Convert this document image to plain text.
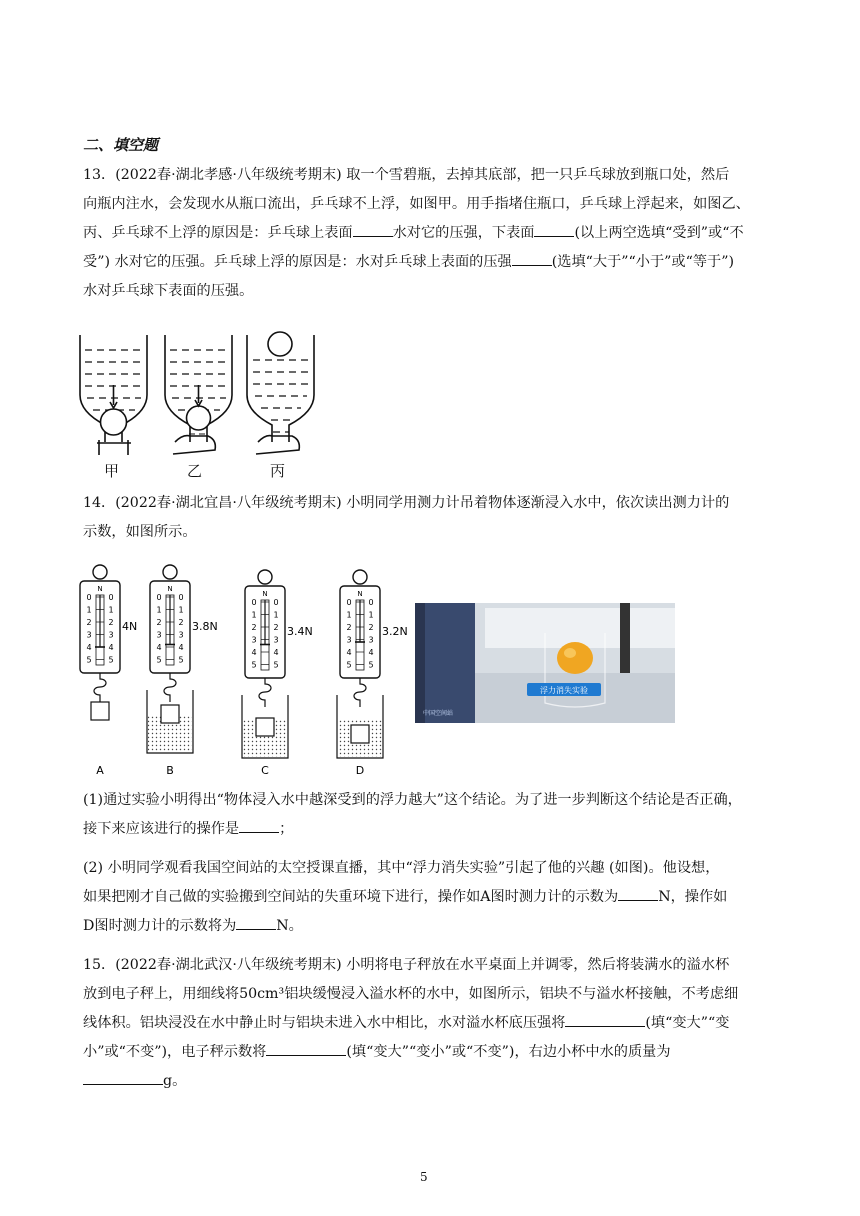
二、填空题

13．(2022春·湖北孝感·八年级统考期末) 取一个雪碧瓶，去掉其底部，把一只乒乓球放到瓶口处，然后
向瓶内注水，会发现水从瓶口流出，乒乓球不上浮，如图甲。用手指堵住瓶口，乒乓球上浮起来，如图乙、
丙、乒乓球不上浮的原因是：乒乓球上表面	水对它的压强，下表面	(以上两空选填“受到”或“不
受”) 水对它的压强。乒乓球上浮的原因是：水对乒乓球上表面的压强	(选填“大于”“小于”或“等于”)
水对乒乓球下表面的压强。

甲	乙	丙

14．(2022春·湖北宜昌·八年级统考期末) 小明同学用测力计吊着物体逐渐浸入水中，依次读出测力计的
示数，如图所示。

N
0 0
1 1
2 2
3 3
4 4
5 5
4N
A
N
0 0
1 1
2 2
3 3
4 4
5 5
3.8N
B
N
0 0
1 1
2 2
3 3
4 4
5 5
3.4N
C
N
0 0
1 1
2 2
3 3
4 4
5 5
3.2N
D
浮力消失实验
中国空间站

(1)通过实验小明得出“物体浸入水中越深受到的浮力越大”这个结论。为了进一步判断这个结论是否正确，
接下来应该进行的操作是	；

(2) 小明同学观看我国空间站的太空授课直播，其中“浮力消失实验”引起了他的兴趣 (如图)。他设想，
如果把刚才自己做的实验搬到空间站的失重环境下进行，操作如A图时测力计的示数为	N，操作如
D图时测力计的示数将为	N。

15．(2022春·湖北武汉·八年级统考期末) 小明将电子秤放在水平桌面上并调零，然后将装满水的溢水杯
放到电子秤上，用细线将50cm³铝块缓慢浸入溢水杯的水中，如图所示，铝块不与溢水杯接触，不考虑细
线体积。铝块浸没在水中静止时与铝块未进入水中相比，水对溢水杯底压强将	(填“变大”“变
小”或“不变”)，电子秤示数将	(填“变大”“变小”或“不变”)，右边小杯中水的质量为
g。

5
